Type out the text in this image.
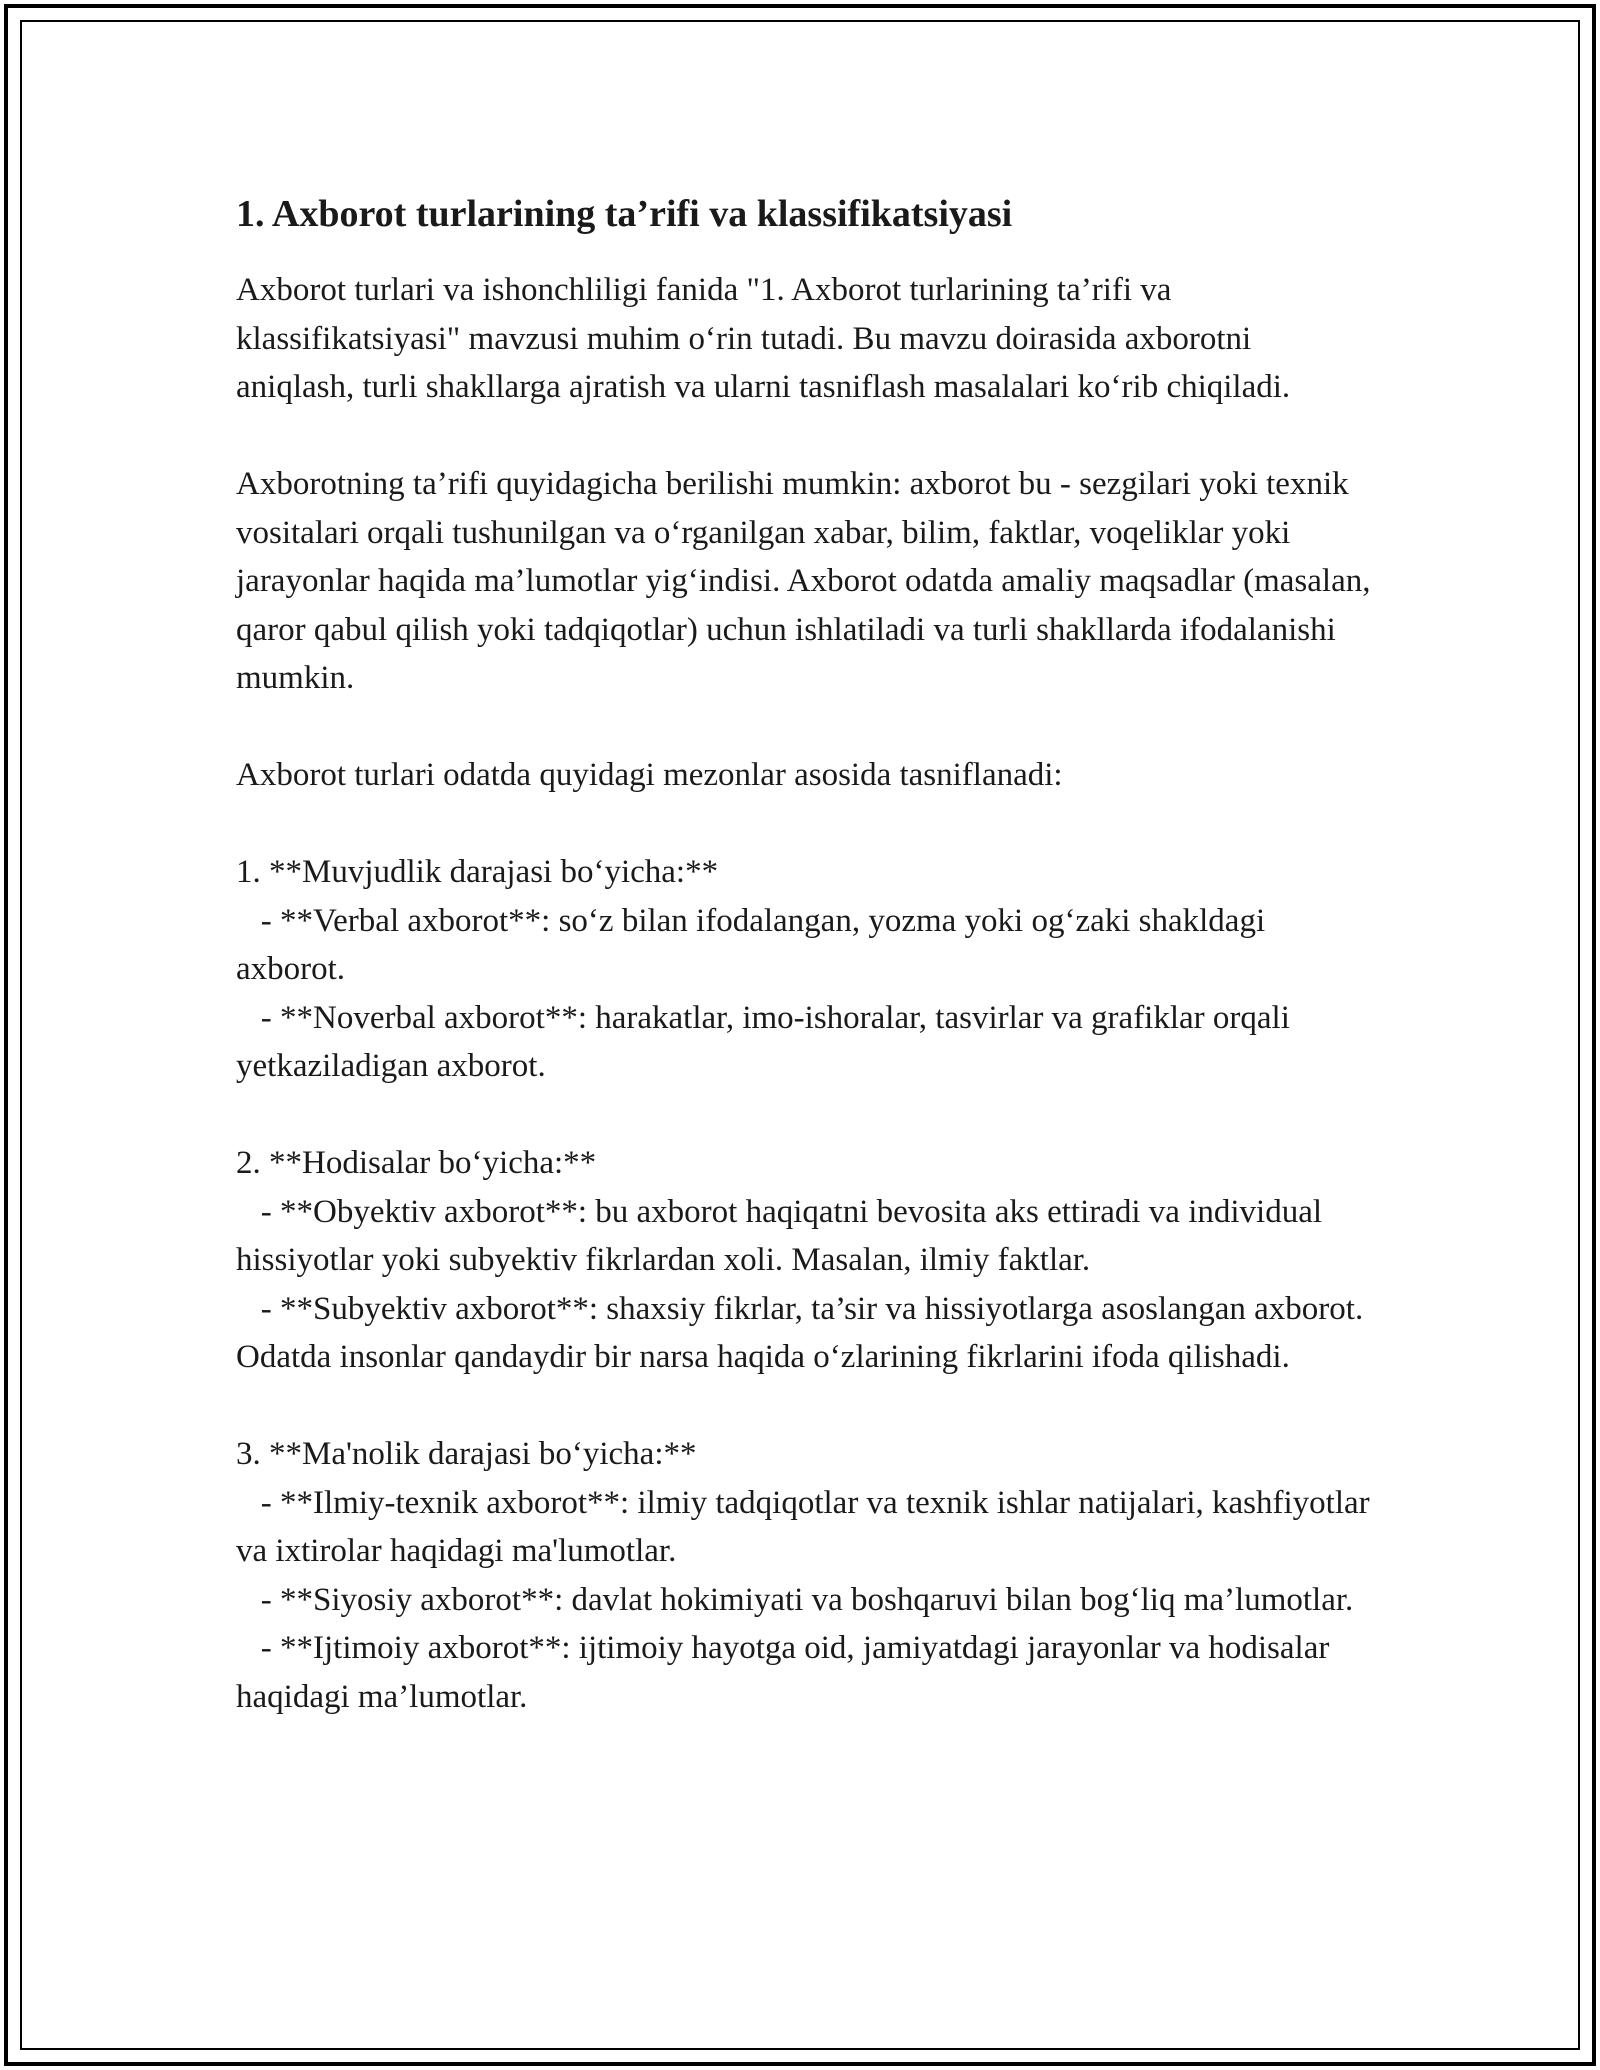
1. Axborot turlarining ta’rifi va klassifikatsiyasi

Axborot turlari va ishonchliligi fanida "1. Axborot turlarining ta’rifi va klassifikatsiyasi" mavzusi muhim o‘rin tutadi. Bu mavzu doirasida axborotni aniqlash, turli shakllarga ajratish va ularni tasniflash masalalari ko‘rib chiqiladi.

Axborotning ta’rifi quyidagicha berilishi mumkin: axborot bu - sezgilari yoki texnik vositalari orqali tushunilgan va o‘rganilgan xabar, bilim, faktlar, voqeliklar yoki jarayonlar haqida ma’lumotlar yig‘indisi. Axborot odatda amaliy maqsadlar (masalan, qaror qabul qilish yoki tadqiqotlar) uchun ishlatiladi va turli shakllarda ifodalanishi mumkin.

Axborot turlari odatda quyidagi mezonlar asosida tasniflanadi:

1. **Muvjudlik darajasi bo‘yicha:**
- **Verbal axborot**: so‘z bilan ifodalangan, yozma yoki og‘zaki shakldagi axborot.
- **Noverbal axborot**: harakatlar, imo-ishoralar, tasvirlar va grafiklar orqali yetkaziladigan axborot.
2. **Hodisalar bo‘yicha:**
- **Obyektiv axborot**: bu axborot haqiqatni bevosita aks ettiradi va individual hissiyotlar yoki subyektiv fikrlardan xoli. Masalan, ilmiy faktlar.
- **Subyektiv axborot**: shaxsiy fikrlar, ta’sir va hissiyotlarga asoslangan axborot. Odatda insonlar qandaydir bir narsa haqida o‘zlarining fikrlarini ifoda qilishadi.
3. **Ma'nolik darajasi bo‘yicha:**
- **Ilmiy-texnik axborot**: ilmiy tadqiqotlar va texnik ishlar natijalari, kashfiyotlar va ixtirolar haqidagi ma'lumotlar.
- **Siyosiy axborot**: davlat hokimiyati va boshqaruvi bilan bog‘liq ma’lumotlar.
- **Ijtimoiy axborot**: ijtimoiy hayotga oid, jamiyatdagi jarayonlar va hodisalar haqidagi ma’lumotlar.
